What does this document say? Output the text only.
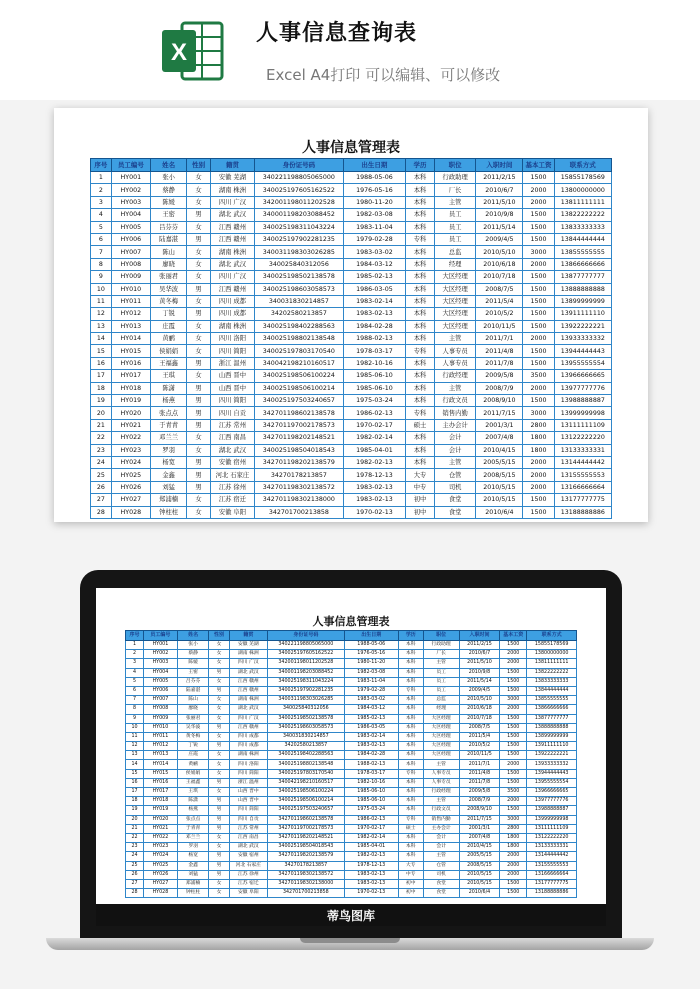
X
人事信息查询表
Excel A4打印 可以编辑、可以修改
人事信息管理表
序号	员工编号	姓名	性别	籍贯	身份证号码	出生日期	学历	职位	入职时间	基本工资	联系方式
1	HY001	张小	女	安徽 芜湖	340221198805065000	1988-05-06	本科	行政助理	2011/2/15	1500	15855178569
2	HY002	蔡静	女	湖南 株洲	340025197605162522	1976-05-16	本科	厂长	2010/6/7	2000	13800000000
3	HY003	陈媛	女	四川 广汉	342001198011202528	1980-11-20	本科	主管	2011/5/10	2000	13811111111
4	HY004	王密	男	湖北 武汉	340001198203088452	1982-03-08	本科	员工	2010/9/8	1500	13822222222
5	HY005	吕芬芬	女	江西 赣州	340025198311043224	1983-11-04	本科	员工	2011/5/14	1500	13833333333
6	HY006	陆嘉湛	男	江西 赣州	340025197902281235	1979-02-28	专科	员工	2009/4/5	1500	13844444444
7	HY007	陈山	女	湖南 株洲	340031198303026285	1983-03-02	本科	总监	2010/5/10	3000	13855555555
8	HY008	廖晓	女	湖北 武汉	340025840312056	1984-03-12	本科	经理	2010/6/18	2000	13866666666
9	HY009	张丽君	女	四川 广汉	340025198502138578	1985-02-13	本科	大区经理	2010/7/18	1500	13877777777
10	HY010	吴华波	男	江西 赣州	340025198603058573	1986-03-05	本科	大区经理	2008/7/5	1500	13888888888
11	HY011	黄冬梅	女	四川 成都	340031830214857	1983-02-14	本科	大区经理	2011/5/4	1500	13899999999
12	HY012	丁锐	男	四川 成都	34202580213857	1983-02-13	本科	大区经理	2010/5/2	1500	13911111110
13	HY013	庄霞	女	湖南 株洲	340025198402288563	1984-02-28	本科	大区经理	2010/11/5	1500	13922222221
14	HY014	黄鹂	女	四川 洛阳	340025198802138548	1988-02-13	本科	主管	2011/7/1	2000	13933333332
15	HY015	侯娟娟	女	四川 简阳	340025197803170540	1978-03-17	专科	人事专员	2011/4/8	1500	13944444443
16	HY016	王福鑫	男	浙江 温州	340042198210160517	1982-10-16	本科	人事专员	2011/7/8	1500	13955555554
17	HY017	王琪	女	山西 晋中	340025198506100224	1985-06-10	本科	行政经理	2009/5/8	3500	13966666665
18	HY018	陈潇	男	山西 晋中	340025198506100214	1985-06-10	本科	主管	2008/7/9	2000	13977777776
19	HY019	杨燕	男	四川 简阳	340025197503240657	1975-03-24	本科	行政文员	2008/9/10	1500	13988888887
20	HY020	张点点	男	四川 自贡	342701198602138578	1986-02-13	专科	销售内勤	2011/7/15	3000	13999999998
21	HY021	于青青	男	江苏 常州	342701197002178573	1970-02-17	硕士	主办会计	2001/3/1	2800	13111111109
22	HY022	邓兰兰	女	江西 南昌	342701198202148521	1982-02-14	本科	会计	2007/4/8	1800	13122222220
23	HY023	罗羽	女	湖北 武汉	340025198504018543	1985-04-01	本科	会计	2010/4/15	1800	13133333331
24	HY024	杨宽	男	安徽 宿州	342701198202138579	1982-02-13	本科	主管	2005/5/15	2000	13144444442
25	HY025	金鑫	男	河北 石家庄	34270178213857	1978-12-13	大专	仓管	2008/5/15	2000	13155555553
26	HY026	刘猛	男	江苏 徐州	342701198302138572	1983-02-13	中专	司机	2010/5/15	2000	13166666664
27	HY027	郑浦楠	女	江苏 宿迁	342701198302138000	1983-02-13	初中	食堂	2010/5/15	1500	13177777775
28	HY028	钟柱柱	女	安徽 阜阳	342701700213858	1970-02-13	初中	食堂	2010/6/4	1500	13188888886
人事信息管理表
序号	员工编号	姓名	性别	籍贯	身份证号码	出生日期	学历	职位	入职时间	基本工资	联系方式
1	HY001	张小	女	安徽 芜湖	340221198805065000	1988-05-06	本科	行政助理	2011/2/15	1500	15855178569
2	HY002	蔡静	女	湖南 株洲	340025197605162522	1976-05-16	本科	厂长	2010/6/7	2000	13800000000
3	HY003	陈媛	女	四川 广汉	342001198011202528	1980-11-20	本科	主管	2011/5/10	2000	13811111111
4	HY004	王密	男	湖北 武汉	340001198203088452	1982-03-08	本科	员工	2010/9/8	1500	13822222222
5	HY005	吕芬芬	女	江西 赣州	340025198311043224	1983-11-04	本科	员工	2011/5/14	1500	13833333333
6	HY006	陆嘉湛	男	江西 赣州	340025197902281235	1979-02-28	专科	员工	2009/4/5	1500	13844444444
7	HY007	陈山	女	湖南 株洲	340031198303026285	1983-03-02	本科	总监	2010/5/10	3000	13855555555
8	HY008	廖晓	女	湖北 武汉	340025840312056	1984-03-12	本科	经理	2010/6/18	2000	13866666666
9	HY009	张丽君	女	四川 广汉	340025198502138578	1985-02-13	本科	大区经理	2010/7/18	1500	13877777777
10	HY010	吴华波	男	江西 赣州	340025198603058573	1986-03-05	本科	大区经理	2008/7/5	1500	13888888888
11	HY011	黄冬梅	女	四川 成都	340031830214857	1983-02-14	本科	大区经理	2011/5/4	1500	13899999999
12	HY012	丁锐	男	四川 成都	34202580213857	1983-02-13	本科	大区经理	2010/5/2	1500	13911111110
13	HY013	庄霞	女	湖南 株洲	340025198402288563	1984-02-28	本科	大区经理	2010/11/5	1500	13922222221
14	HY014	黄鹂	女	四川 洛阳	340025198802138548	1988-02-13	本科	主管	2011/7/1	2000	13933333332
15	HY015	侯娟娟	女	四川 简阳	340025197803170540	1978-03-17	专科	人事专员	2011/4/8	1500	13944444443
16	HY016	王福鑫	男	浙江 温州	340042198210160517	1982-10-16	本科	人事专员	2011/7/8	1500	13955555554
17	HY017	王琪	女	山西 晋中	340025198506100224	1985-06-10	本科	行政经理	2009/5/8	3500	13966666665
18	HY018	陈潇	男	山西 晋中	340025198506100214	1985-06-10	本科	主管	2008/7/9	2000	13977777776
19	HY019	杨燕	男	四川 简阳	340025197503240657	1975-03-24	本科	行政文员	2008/9/10	1500	13988888887
20	HY020	张点点	男	四川 自贡	342701198602138578	1986-02-13	专科	销售内勤	2011/7/15	3000	13999999998
21	HY021	于青青	男	江苏 常州	342701197002178573	1970-02-17	硕士	主办会计	2001/3/1	2800	13111111109
22	HY022	邓兰兰	女	江西 南昌	342701198202148521	1982-02-14	本科	会计	2007/4/8	1800	13122222220
23	HY023	罗羽	女	湖北 武汉	340025198504018543	1985-04-01	本科	会计	2010/4/15	1800	13133333331
24	HY024	杨宽	男	安徽 宿州	342701198202138579	1982-02-13	本科	主管	2005/5/15	2000	13144444442
25	HY025	金鑫	男	河北 石家庄	34270178213857	1978-12-13	大专	仓管	2008/5/15	2000	13155555553
26	HY026	刘猛	男	江苏 徐州	342701198302138572	1983-02-13	中专	司机	2010/5/15	2000	13166666664
27	HY027	郑浦楠	女	江苏 宿迁	342701198302138000	1983-02-13	初中	食堂	2010/5/15	1500	13177777775
28	HY028	钟柱柱	女	安徽 阜阳	342701700213858	1970-02-13	初中	食堂	2010/6/4	1500	13188888886
蒂鸟图库
